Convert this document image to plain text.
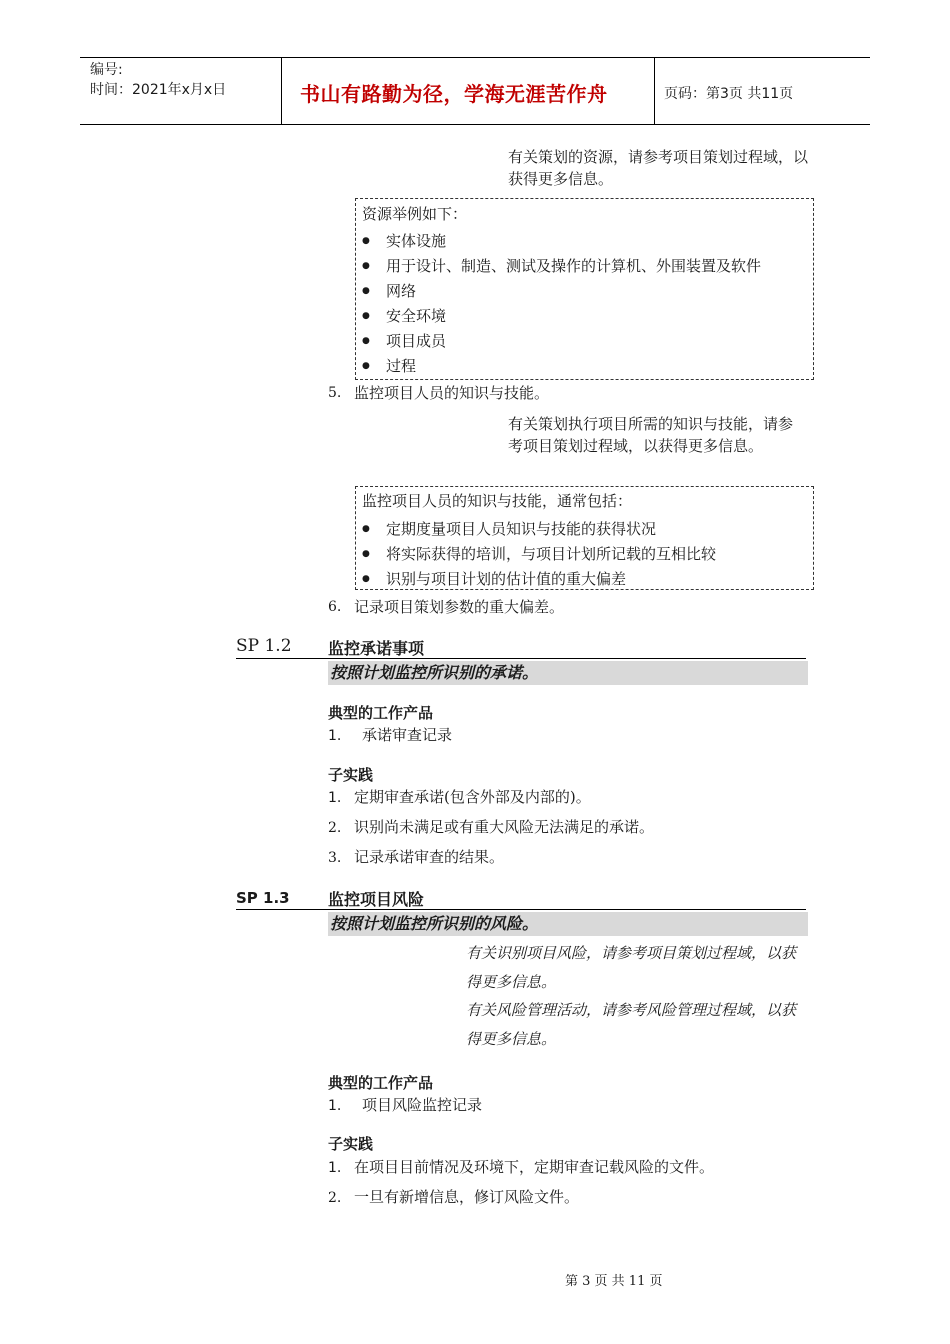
编号:
时间：2021年x月x日	书山有路勤为径，学海无涯苦作舟	页码：第3页 共11页
有关策划的资源，请参考项目策划过程域，以获得更多信息。
资源举例如下：
● 实体设施
● 用于设计、制造、测试及操作的计算机、外围装置及软件
● 网络
● 安全环境
● 项目成员
● 过程
5. 监控项目人员的知识与技能。
有关策划执行项目所需的知识与技能，请参考项目策划过程域，以获得更多信息。
监控项目人员的知识与技能，通常包括：
● 定期度量项目人员知识与技能的获得状况
● 将实际获得的培训，与项目计划所记载的互相比较
● 识别与项目计划的估计值的重大偏差
6. 记录项目策划参数的重大偏差。
SP 1.2 监控承诺事项
按照计划监控所识别的承诺。
典型的工作产品
1. 承诺审查记录
子实践
1. 定期审查承诺(包含外部及内部的)。
2. 识别尚未满足或有重大风险无法满足的承诺。
3. 记录承诺审查的结果。
SP 1.3 监控项目风险
按照计划监控所识别的风险。
有关识别项目风险，请参考项目策划过程域，以获得更多信息。
有关风险管理活动，请参考风险管理过程域，以获得更多信息。
典型的工作产品
1. 项目风险监控记录
子实践
1. 在项目目前情况及环境下，定期审查记载风险的文件。
2. 一旦有新增信息，修订风险文件。
第 3 页 共 11 页
